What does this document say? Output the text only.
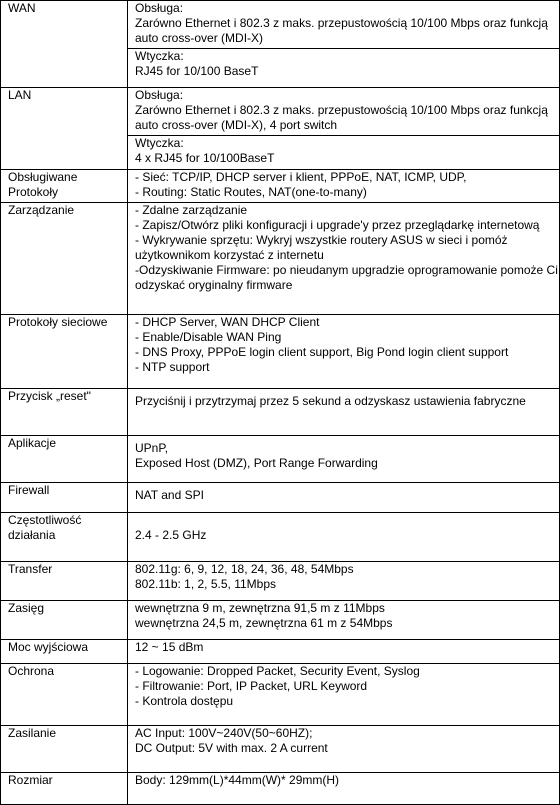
WAN	Obsługa:
Zarówno Ethernet i 802.3 z maks. przepustowością 10/100 Mbps oraz funkcją auto cross-over (MDI-X)
Wtyczka:
RJ45 for 10/100 BaseT

LAN	Obsługa:
Zarówno Ethernet i 802.3 z maks. przepustowością 10/100 Mbps oraz funkcją auto cross-over (MDI-X), 4 port switch
Wtyczka:
4 x RJ45 for 10/100BaseT

Obsługiwane Protokoły	- Sieć: TCP/IP, DHCP server i klient, PPPoE, NAT, ICMP, UDP,
- Routing: Static Routes, NAT(one-to-many)

Zarządzanie	- Zdalne zarządzanie
- Zapisz/Otwórz pliki konfiguracji i upgrade'y przez przeglądarkę internetową
- Wykrywanie sprzętu: Wykryj wszystkie routery ASUS w sieci i pomóż użytkownikom korzystać z internetu
-Odzyskiwanie Firmware: po nieudanym upgradzie oprogramowanie pomoże Ci odzyskać oryginalny firmware

Protokoły sieciowe	- DHCP Server, WAN DHCP Client
- Enable/Disable WAN Ping
- DNS Proxy, PPPoE login client support, Big Pond login client support
- NTP support

Przycisk „reset"	Przyciśnij i przytrzymaj przez 5 sekund a odzyskasz ustawienia fabryczne

Aplikacje	UPnP,
Exposed Host (DMZ), Port Range Forwarding

Firewall	NAT and SPI

Częstotliwość działania	2.4 - 2.5 GHz

Transfer	802.11g: 6, 9, 12, 18, 24, 36, 48, 54Mbps
802.11b: 1, 2, 5.5, 11Mbps

Zasięg	wewnętrzna 9 m, zewnętrzna 91,5 m z 11Mbps
wewnętrzna 24,5 m, zewnętrzna 61 m z 54Mbps

Moc wyjściowa	12 ~ 15 dBm

Ochrona	- Logowanie: Dropped Packet, Security Event, Syslog
- Filtrowanie: Port, IP Packet, URL Keyword
- Kontrola dostępu

Zasilanie	AC Input: 100V~240V(50~60HZ);
DC Output: 5V with max. 2 A current

Rozmiar	Body: 129mm(L)*44mm(W)* 29mm(H)
